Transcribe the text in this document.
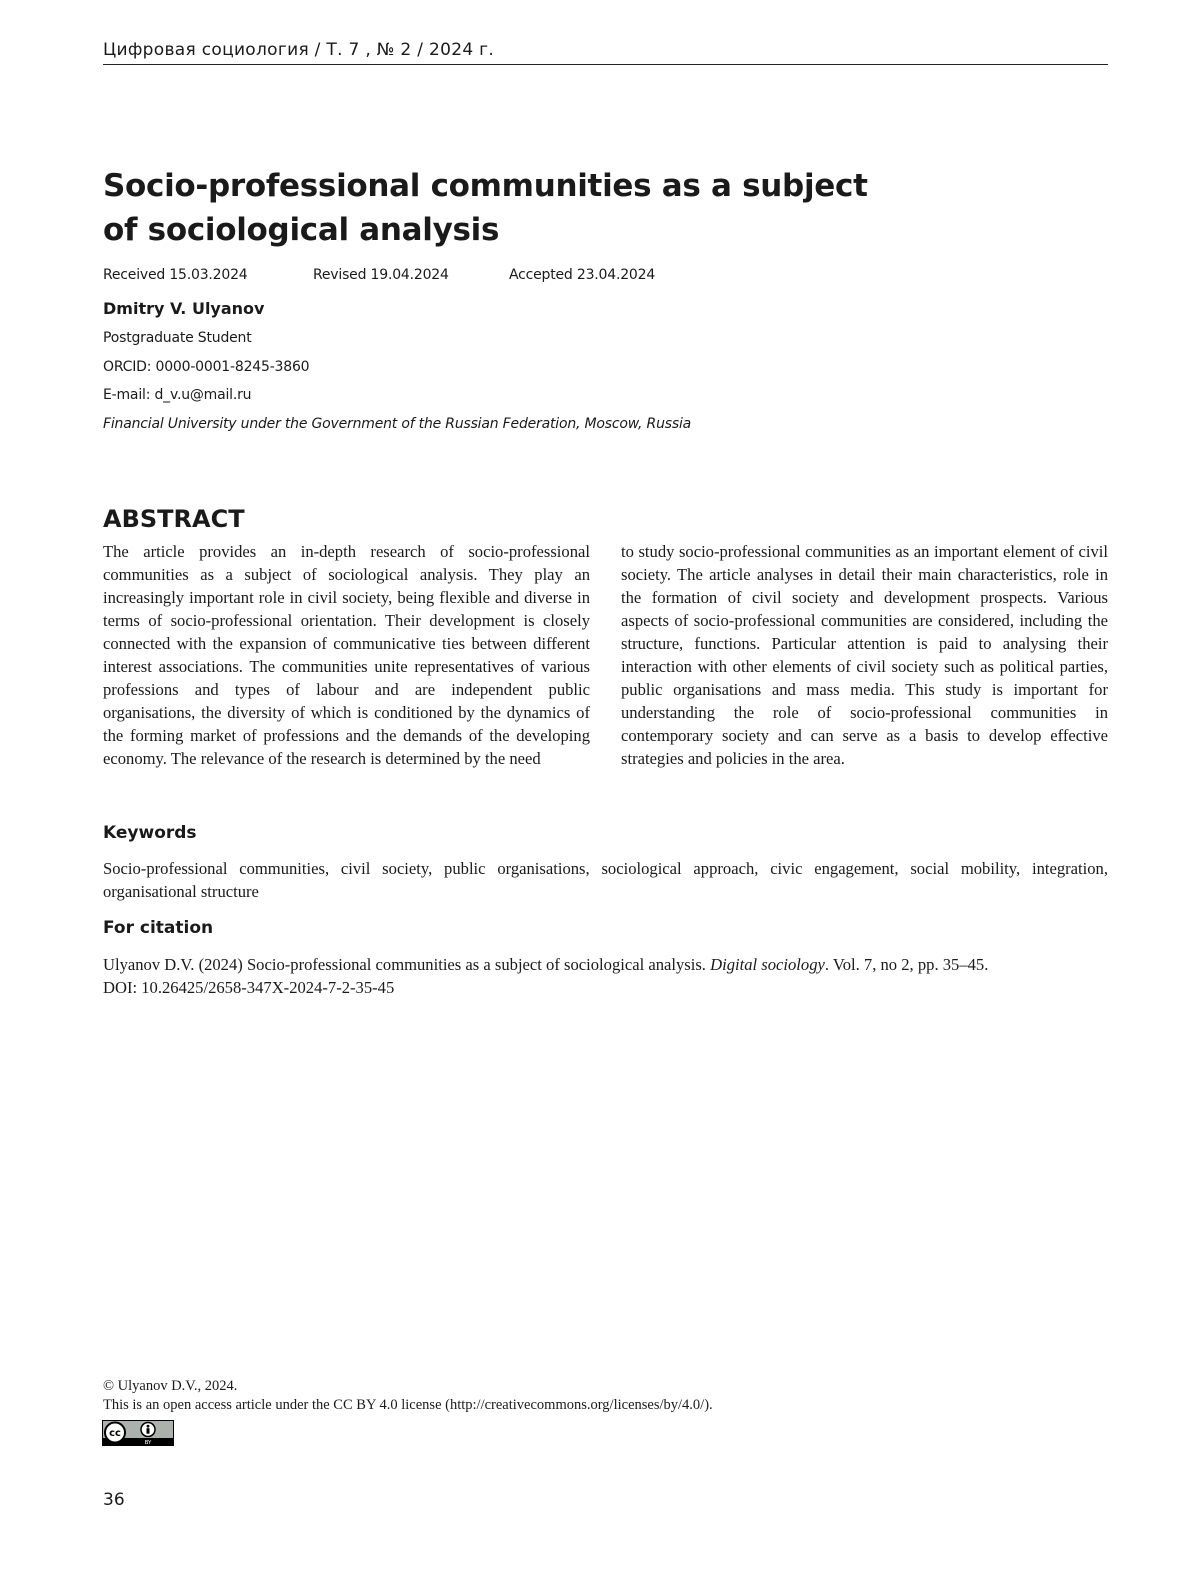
Цифровая социология / Т. 7 , № 2 / 2024 г.
Socio-professional communities as a subject
of sociological analysis
Received 15.03.2024	Revised 19.04.2024	Accepted 23.04.2024
Dmitry V. Ulyanov
Postgraduate Student
ORCID: 0000-0001-8245-3860
E-mail: d_v.u@mail.ru
Financial University under the Government of the Russian Federation, Moscow, Russia
ABSTRACT
The article provides an in-depth research of socio-professional communities as a subject of sociological analysis. They play an increasingly important role in civil society, being flexible and diverse in terms of socio-professional orientation. Their development is closely connected with the expansion of communicative ties between different interest associations. The communities unite representatives of various professions and types of labour and are independent public organisations, the diversity of which is conditioned by the dynamics of the forming market of professions and the demands of the developing economy. The relevance of the research is determined by the need
to study socio-professional communities as an important element of civil society. The article analyses in detail their main characteristics, role in the formation of civil society and development prospects. Various aspects of socio-professional communities are considered, including the structure, functions. Particular attention is paid to analysing their interaction with other elements of civil society such as political parties, public organisations and mass media. This study is important for understanding the role of socio-professional communities in contemporary society and can serve as a basis to develop effective strategies and policies in the area.
Keywords
Socio-professional communities, civil society, public organisations, sociological approach, civic engagement, social mobility, integration, organisational structure
For citation
Ulyanov D.V. (2024) Socio-professional communities as a subject of sociological analysis. Digital sociology. Vol. 7, no 2, pp. 35–45.
DOI: 10.26425/2658-347X-2024-7-2-35-45
© Ulyanov D.V., 2024.
This is an open access article under the CC BY 4.0 license (http://creativecommons.org/licenses/by/4.0/).
cc
BY
36
